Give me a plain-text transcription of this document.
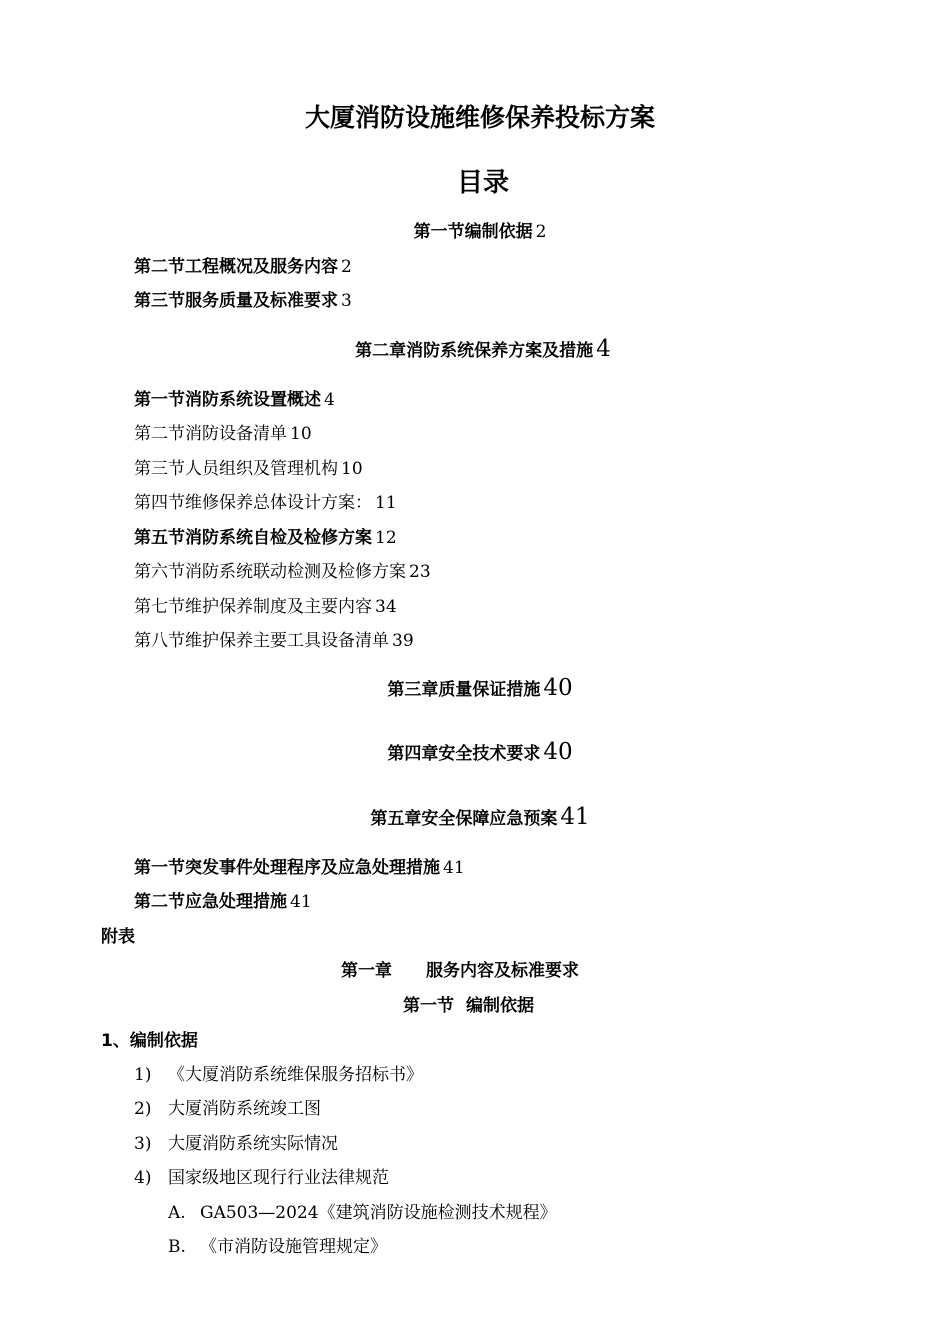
大厦消防设施维修保养投标方案
目录
第一节编制依据 2
第二节工程概况及服务内容 2
第三节服务质量及标准要求 3
第二章消防系统保养方案及措施 4
第一节消防系统设置概述 4
第二节消防设备清单 10
第三节人员组织及管理机构 10
第四节维修保养总体设计方案： 11
第五节消防系统自检及检修方案 12
第六节消防系统联动检测及检修方案 23
第七节维护保养制度及主要内容 34
第八节维护保养主要工具设备清单 39
第三章质量保证措施 40
第四章安全技术要求 40
第五章安全保障应急预案 41
第一节突发事件处理程序及应急处理措施 41
第二节应急处理措施 41
附表
第一章 服务内容及标准要求
第一节 编制依据
1、编制依据
1) 《大厦消防系统维保服务招标书》
2) 大厦消防系统竣工图
3) 大厦消防系统实际情况
4) 国家级地区现行行业法律规范
A. GA503—2024《建筑消防设施检测技术规程》
B. 《市消防设施管理规定》
